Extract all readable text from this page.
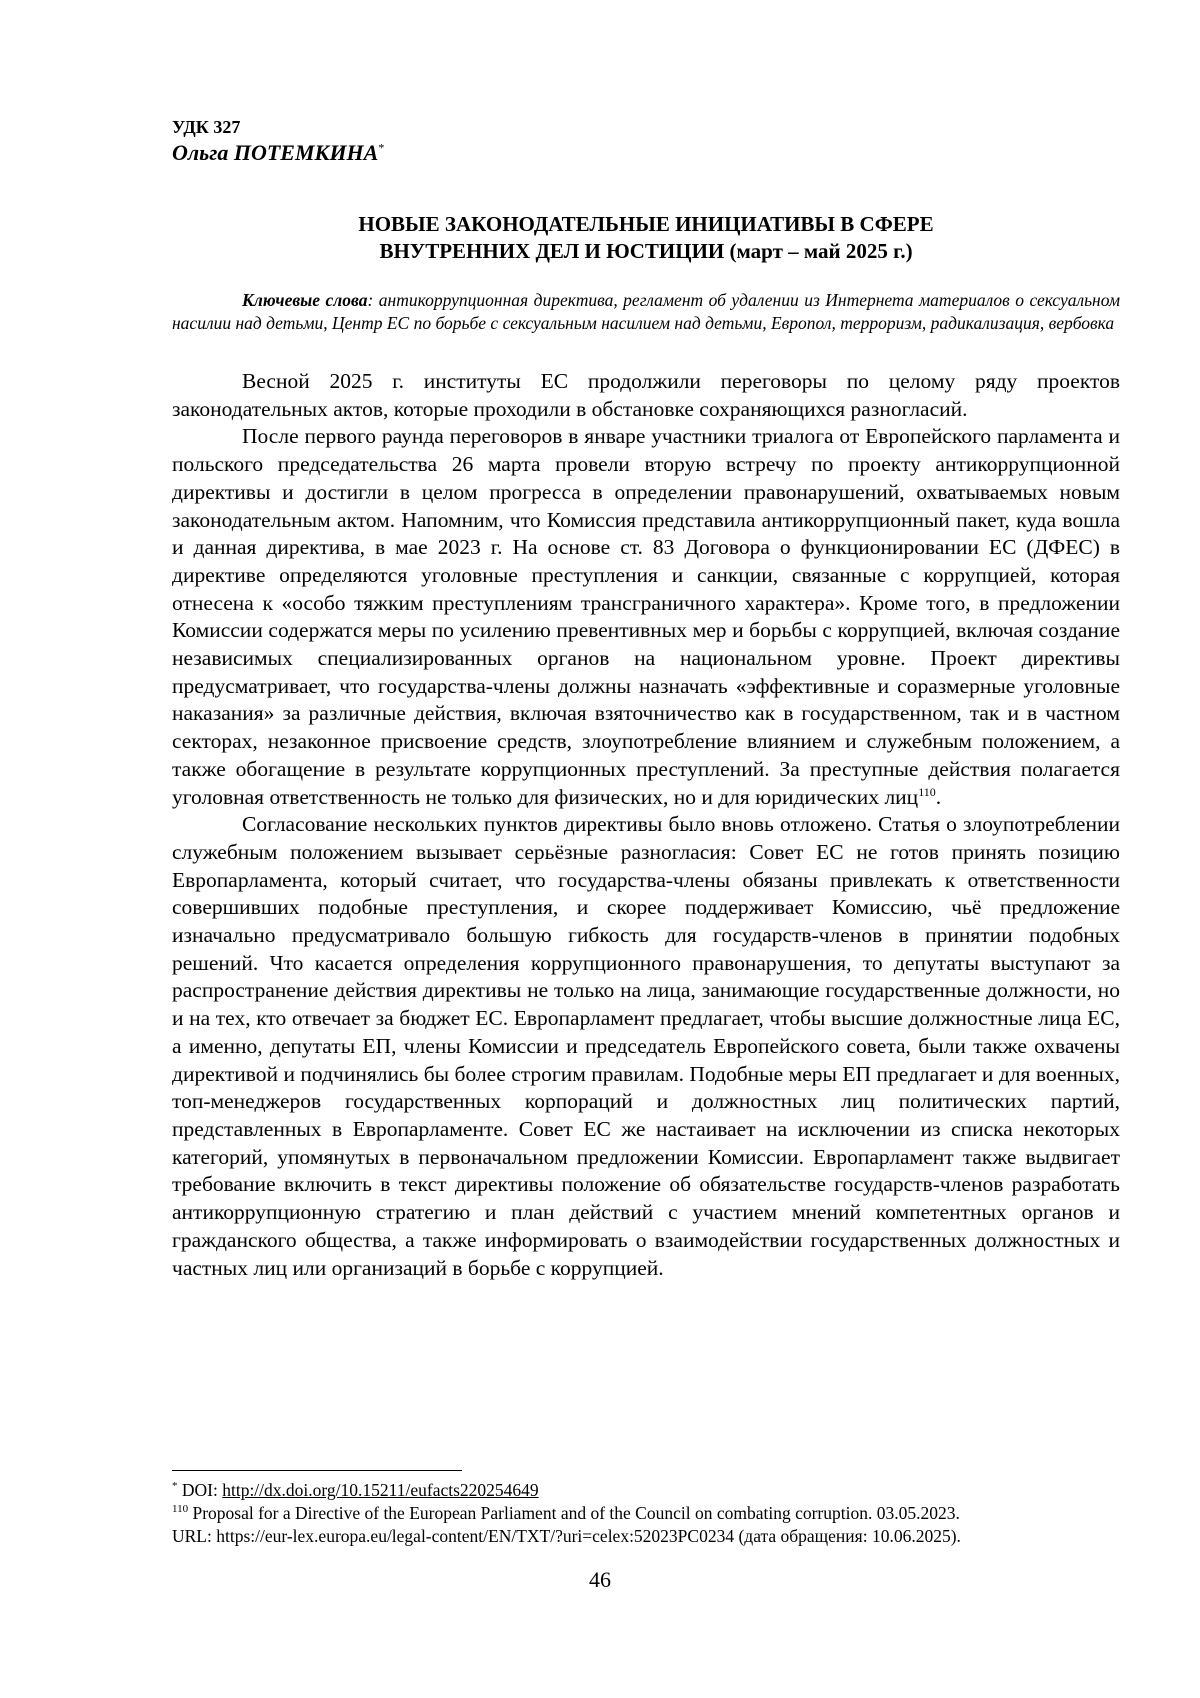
УДК 327
Ольга ПОТЕМКИНА*
НОВЫЕ ЗАКОНОДАТЕЛЬНЫЕ ИНИЦИАТИВЫ В СФЕРЕ
ВНУТРЕННИХ ДЕЛ И ЮСТИЦИИ (март – май 2025 г.)
Ключевые слова: антикоррупционная директива, регламент об удалении из Интернета материалов о сексуальном насилии над детьми, Центр ЕС по борьбе с сексуальным насилием над детьми, Европол, терроризм, радикализация, вербовка

Весной 2025 г. институты ЕС продолжили переговоры по целому ряду проектов законодательных актов, которые проходили в обстановке сохраняющихся разногласий.

После первого раунда переговоров в январе участники триалога от Европейского парламента и польского председательства 26 марта провели вторую встречу по проекту антикоррупционной директивы и достигли в целом прогресса в определении правонарушений, охватываемых новым законодательным актом. Напомним, что Комиссия представила антикоррупционный пакет, куда вошла и данная директива, в мае 2023 г. На основе ст. 83 Договора о функционировании ЕС (ДФЕС) в директиве определяются уголовные преступления и санкции, связанные с коррупцией, которая отнесена к «особо тяжким преступлениям трансграничного характера». Кроме того, в предложении Комиссии содержатся меры по усилению превентивных мер и борьбы с коррупцией, включая создание независимых специализированных органов на национальном уровне. Проект директивы предусматривает, что государства-члены должны назначать «эффективные и соразмерные уголовные наказания» за различные действия, включая взяточничество как в государственном, так и в частном секторах, незаконное присвоение средств, злоупотребление влиянием и служебным положением, а также обогащение в результате коррупционных преступлений. За преступные действия полагается уголовная ответственность не только для физических, но и для юридических лиц$^{110}$.

Согласование нескольких пунктов директивы было вновь отложено. Статья о злоупотреблении служебным положением вызывает серьёзные разногласия: Совет ЕС не готов принять позицию Европарламента, который считает, что государства-члены обязаны привлекать к ответственности совершивших подобные преступления, и скорее поддерживает Комиссию, чьё предложение изначально предусматривало большую гибкость для государств-членов в принятии подобных решений. Что касается определения коррупционного правонарушения, то депутаты выступают за распространение действия директивы не только на лица, занимающие государственные должности, но и на тех, кто отвечает за бюджет ЕС. Европарламент предлагает, чтобы высшие должностные лица ЕС, а именно, депутаты ЕП, члены Комиссии и председатель Европейского совета, были также охвачены директивой и подчинялись бы более строгим правилам. Подобные меры ЕП предлагает и для военных, топ-менеджеров государственных корпораций и должностных лиц политических партий, представленных в Европарламенте. Совет ЕС же настаивает на исключении из списка некоторых категорий, упомянутых в первоначальном предложении Комиссии. Европарламент также выдвигает требование включить в текст директивы положение об обязательстве государств-членов разработать антикоррупционную стратегию и план действий с участием мнений компетентных органов и гражданского общества, а также информировать о взаимодействии государственных должностных и частных лиц или организаций в борьбе с коррупцией.

* DOI: http://dx.doi.org/10.15211/eufacts220254649
$^{110}$ Proposal for a Directive of the European Parliament and of the Council on combating corruption. 03.05.2023.
URL: https://eur-lex.europa.eu/legal-content/EN/TXT/?uri=celex:52023PC0234 (дата обращения: 10.06.2025).
46
